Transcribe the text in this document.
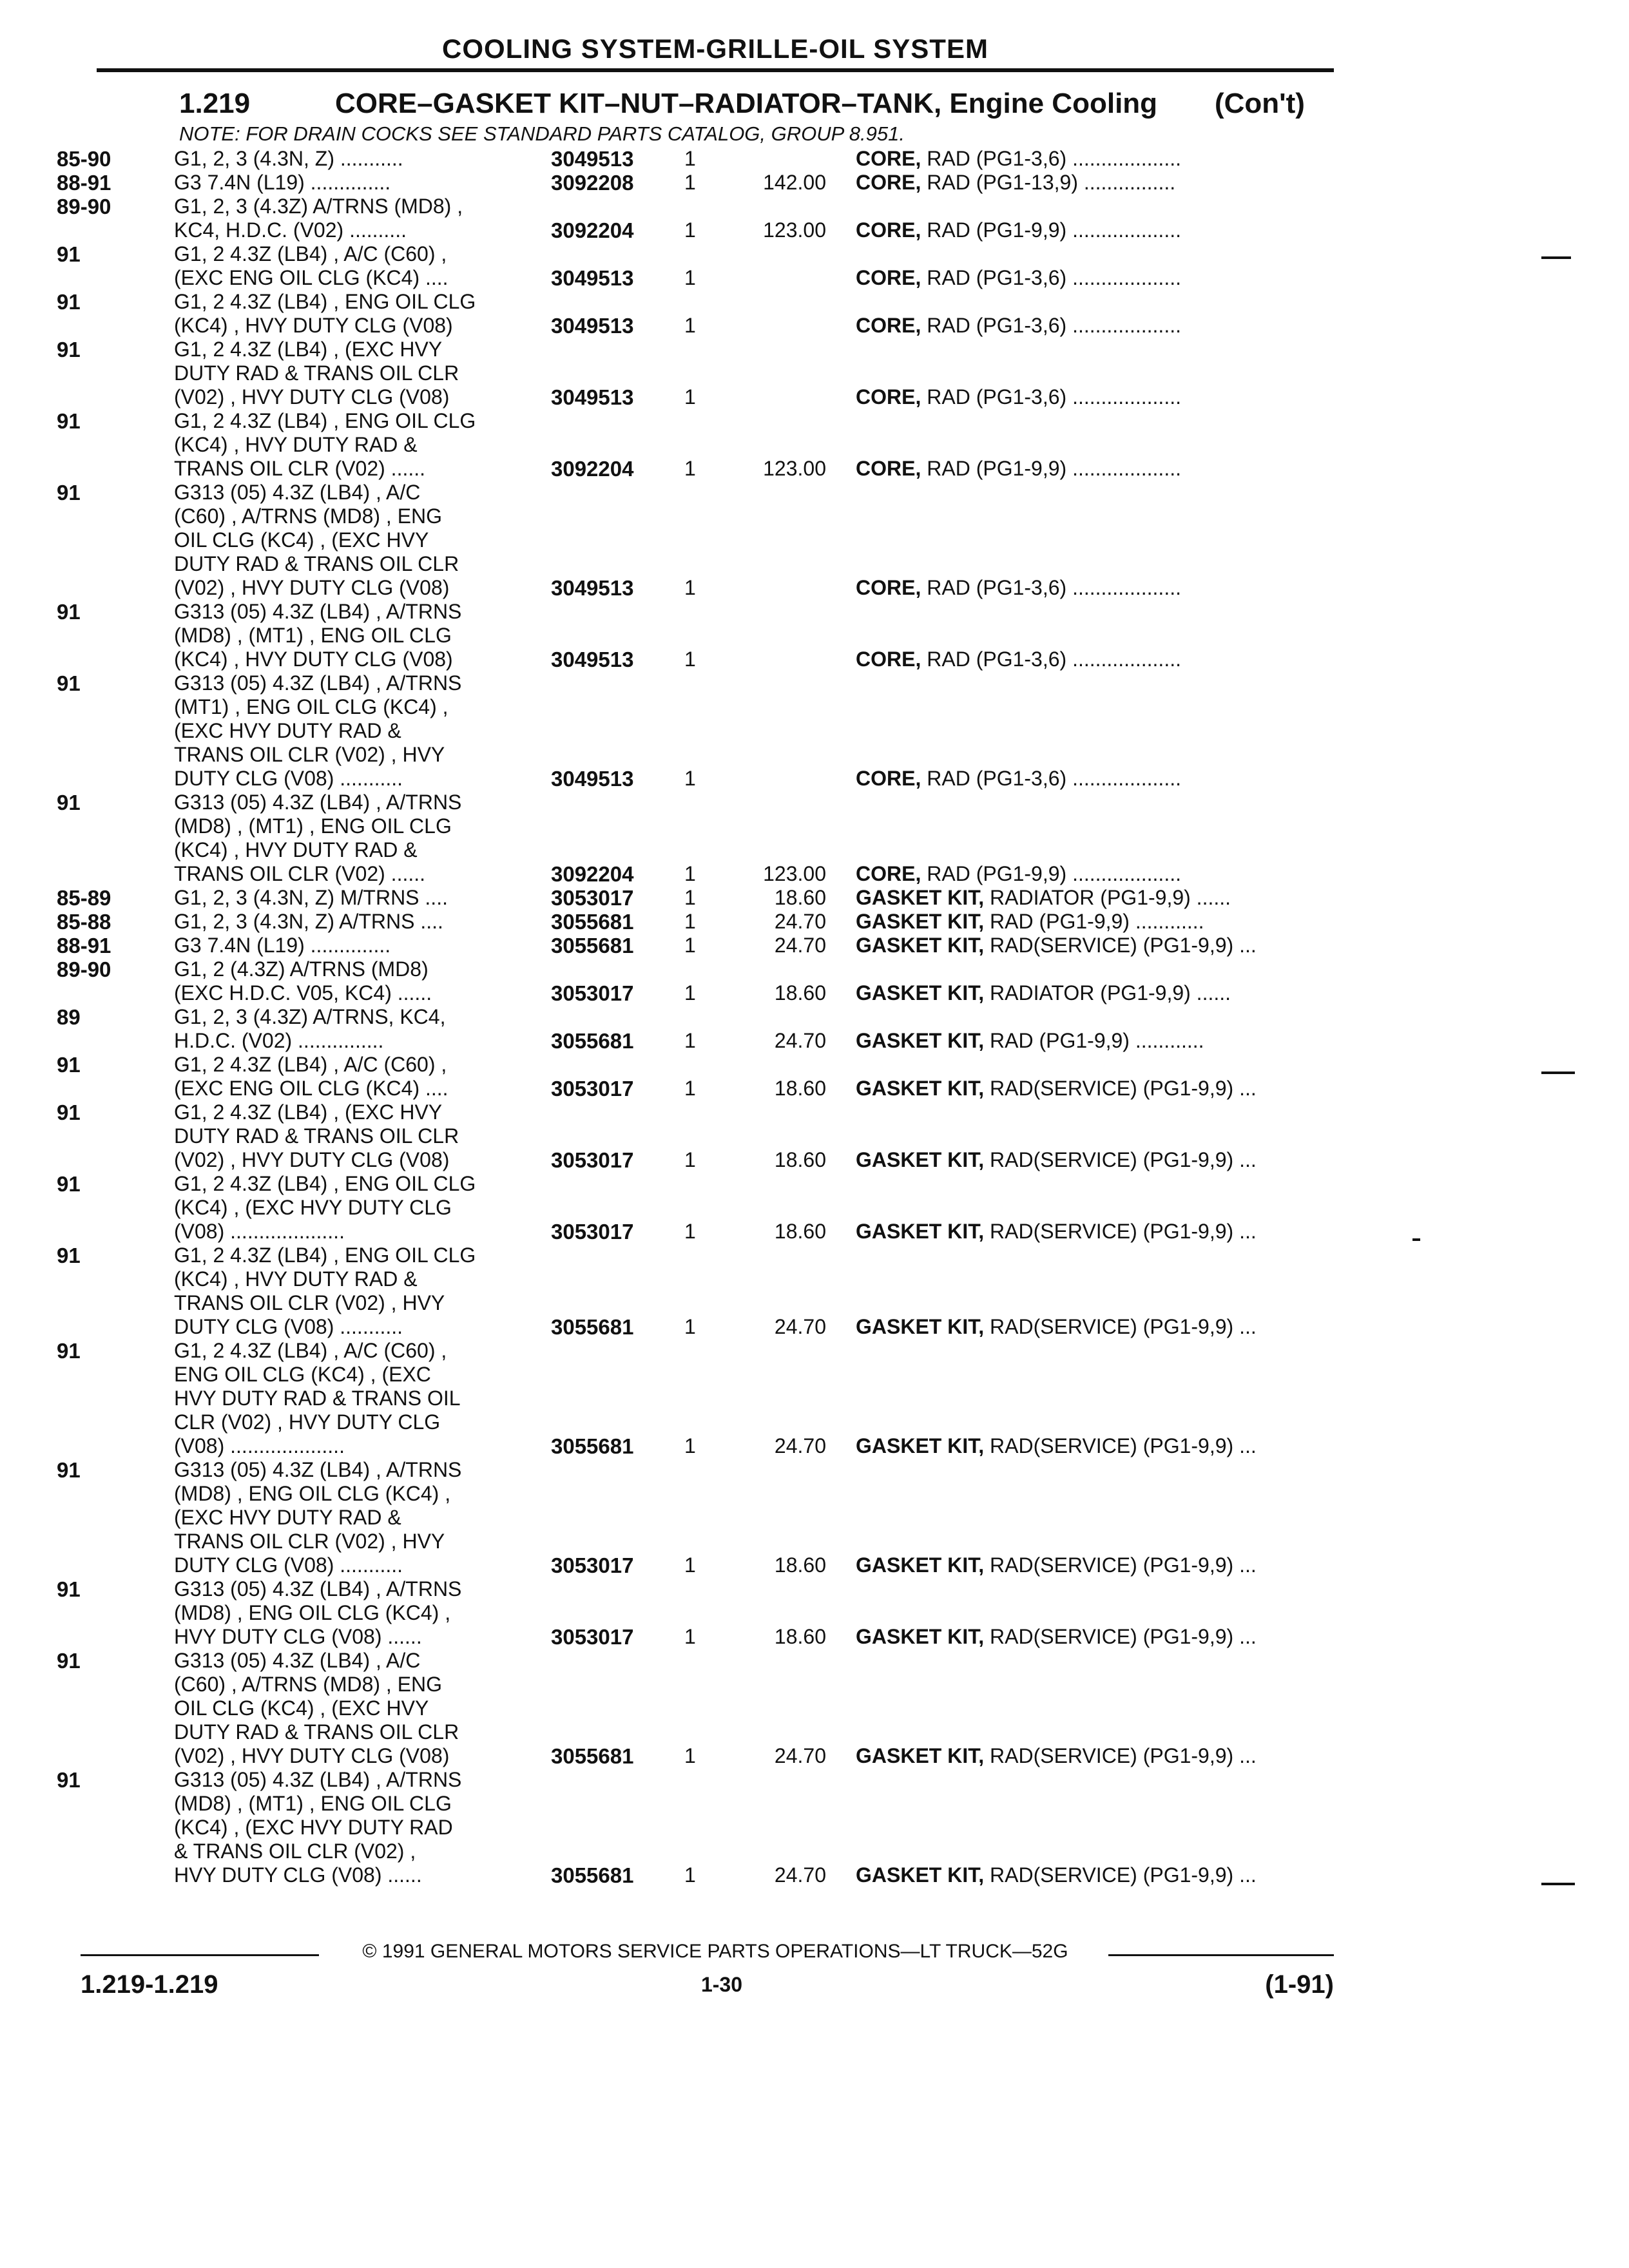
COOLING SYSTEM-GRILLE-OIL SYSTEM
1.219	CORE–GASKET KIT–NUT–RADIATOR–TANK, Engine Cooling (Con't)
NOTE: FOR DRAIN COCKS SEE STANDARD PARTS CATALOG, GROUP 8.951.
85-90	G1, 2, 3 (4.3N, Z) ...........	3049513	1	CORE, RAD (PG1-3,6) ...................
88-91	G3 7.4N (L19) ..............	3092208	1	142.00 CORE, RAD (PG1-13,9) ................
89-90	G1, 2, 3 (4.3Z) A/TRNS (MD8) ,
KC4, H.D.C. (V02) ..........	3092204	1	123.00 CORE, RAD (PG1-9,9) ...................
91	G1, 2 4.3Z (LB4) , A/C (C60) ,
(EXC ENG OIL CLG (KC4) ....	3049513	1	CORE, RAD (PG1-3,6) ...................
91	G1, 2 4.3Z (LB4) , ENG OIL CLG
(KC4) , HVY DUTY CLG (V08)	3049513	1	CORE, RAD (PG1-3,6) ...................
91	G1, 2 4.3Z (LB4) , (EXC HVY
DUTY RAD & TRANS OIL CLR
(V02) , HVY DUTY CLG (V08)	3049513	1	CORE, RAD (PG1-3,6) ...................
91	G1, 2 4.3Z (LB4) , ENG OIL CLG
(KC4) , HVY DUTY RAD &
TRANS OIL CLR (V02) ......	3092204	1	123.00 CORE, RAD (PG1-9,9) ...................
91	G313 (05) 4.3Z (LB4) , A/C
(C60) , A/TRNS (MD8) , ENG
OIL CLG (KC4) , (EXC HVY
DUTY RAD & TRANS OIL CLR
(V02) , HVY DUTY CLG (V08)	3049513	1	CORE, RAD (PG1-3,6) ...................
91	G313 (05) 4.3Z (LB4) , A/TRNS
(MD8) , (MT1) , ENG OIL CLG
(KC4) , HVY DUTY CLG (V08)	3049513	1	CORE, RAD (PG1-3,6) ...................
91	G313 (05) 4.3Z (LB4) , A/TRNS
(MT1) , ENG OIL CLG (KC4) ,
(EXC HVY DUTY RAD &
TRANS OIL CLR (V02) , HVY
DUTY CLG (V08) ...........	3049513	1	CORE, RAD (PG1-3,6) ...................
91	G313 (05) 4.3Z (LB4) , A/TRNS
(MD8) , (MT1) , ENG OIL CLG
(KC4) , HVY DUTY RAD &
TRANS OIL CLR (V02) ......	3092204	1	123.00 CORE, RAD (PG1-9,9) ...................
85-89	G1, 2, 3 (4.3N, Z) M/TRNS ....	3053017	1	18.60 GASKET KIT, RADIATOR (PG1-9,9) ......
85-88	G1, 2, 3 (4.3N, Z) A/TRNS ....	3055681	1	24.70 GASKET KIT, RAD (PG1-9,9) ............
88-91	G3 7.4N (L19) ..............	3055681	1	24.70 GASKET KIT, RAD(SERVICE) (PG1-9,9) ...
89-90	G1, 2 (4.3Z) A/TRNS (MD8)
(EXC H.D.C. V05, KC4) ......	3053017	1	18.60 GASKET KIT, RADIATOR (PG1-9,9) ......
89	G1, 2, 3 (4.3Z) A/TRNS, KC4,
H.D.C. (V02) ...............	3055681	1	24.70 GASKET KIT, RAD (PG1-9,9) ............
91	G1, 2 4.3Z (LB4) , A/C (C60) ,
(EXC ENG OIL CLG (KC4) ....	3053017	1	18.60 GASKET KIT, RAD(SERVICE) (PG1-9,9) ...
91	G1, 2 4.3Z (LB4) , (EXC HVY
DUTY RAD & TRANS OIL CLR
(V02) , HVY DUTY CLG (V08)	3053017	1	18.60 GASKET KIT, RAD(SERVICE) (PG1-9,9) ...
91	G1, 2 4.3Z (LB4) , ENG OIL CLG
(KC4) , (EXC HVY DUTY CLG
(V08) ....................	3053017	1	18.60 GASKET KIT, RAD(SERVICE) (PG1-9,9) ...
91	G1, 2 4.3Z (LB4) , ENG OIL CLG
(KC4) , HVY DUTY RAD &
TRANS OIL CLR (V02) , HVY
DUTY CLG (V08) ...........	3055681	1	24.70 GASKET KIT, RAD(SERVICE) (PG1-9,9) ...
91	G1, 2 4.3Z (LB4) , A/C (C60) ,
ENG OIL CLG (KC4) , (EXC
HVY DUTY RAD & TRANS OIL
CLR (V02) , HVY DUTY CLG
(V08) ....................	3055681	1	24.70 GASKET KIT, RAD(SERVICE) (PG1-9,9) ...
91	G313 (05) 4.3Z (LB4) , A/TRNS
(MD8) , ENG OIL CLG (KC4) ,
(EXC HVY DUTY RAD &
TRANS OIL CLR (V02) , HVY
DUTY CLG (V08) ...........	3053017	1	18.60 GASKET KIT, RAD(SERVICE) (PG1-9,9) ...
91	G313 (05) 4.3Z (LB4) , A/TRNS
(MD8) , ENG OIL CLG (KC4) ,
HVY DUTY CLG (V08) ......	3053017	1	18.60 GASKET KIT, RAD(SERVICE) (PG1-9,9) ...
91	G313 (05) 4.3Z (LB4) , A/C
(C60) , A/TRNS (MD8) , ENG
OIL CLG (KC4) , (EXC HVY
DUTY RAD & TRANS OIL CLR
(V02) , HVY DUTY CLG (V08)	3055681	1	24.70 GASKET KIT, RAD(SERVICE) (PG1-9,9) ...
91	G313 (05) 4.3Z (LB4) , A/TRNS
(MD8) , (MT1) , ENG OIL CLG
(KC4) , (EXC HVY DUTY RAD
& TRANS OIL CLR (V02) ,
HVY DUTY CLG (V08) ......	3055681	1	24.70 GASKET KIT, RAD(SERVICE) (PG1-9,9) ...
© 1991 GENERAL MOTORS SERVICE PARTS OPERATIONS—LT TRUCK—52G
1.219-1.219	1-30	(1-91)
